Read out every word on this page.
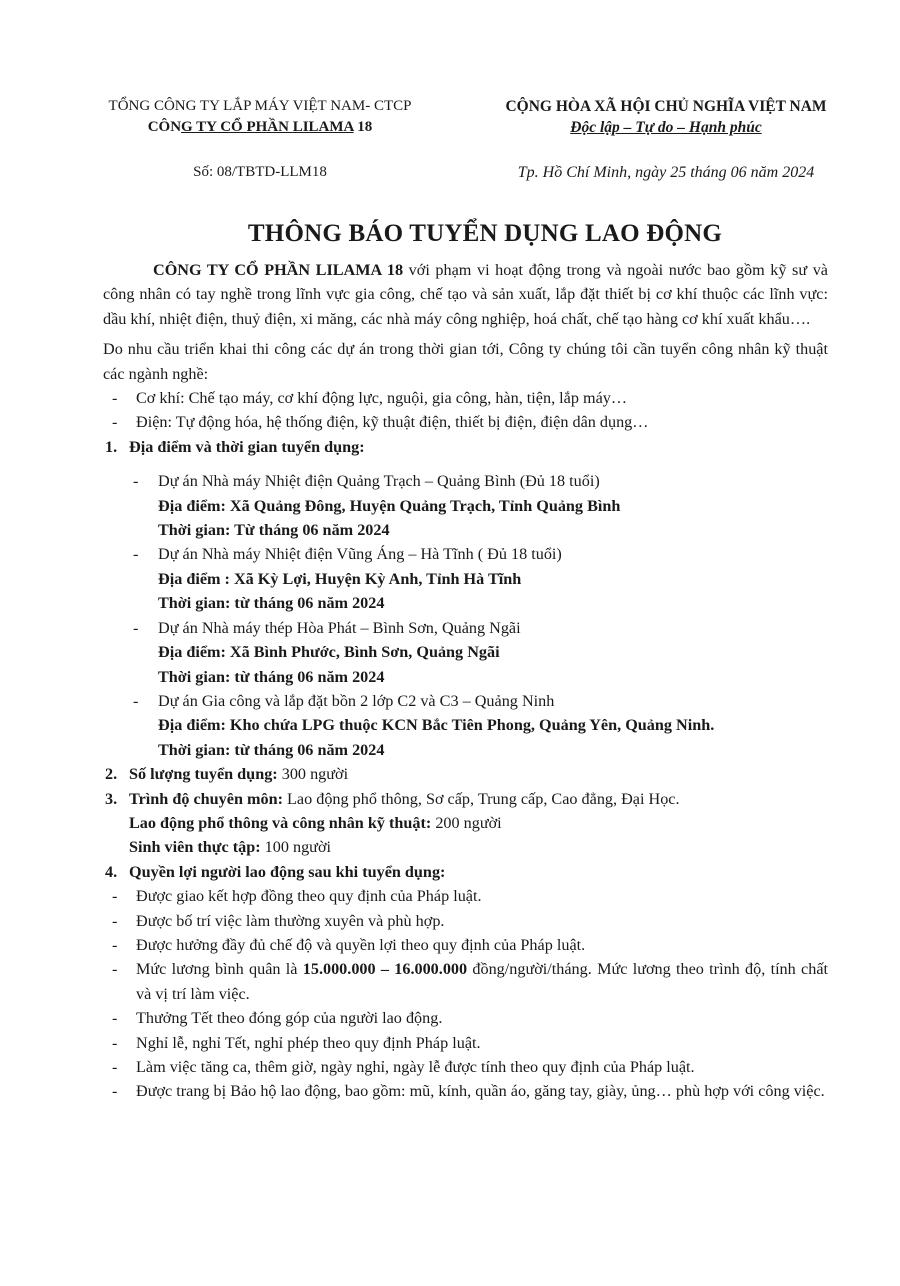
TỔNG CÔNG TY LẮP MÁY VIỆT NAM- CTCP
CÔNG TY CỔ PHẦN LILAMA 18
CỘNG HÒA XÃ HỘI CHỦ NGHĨA VIỆT NAM
Độc lập – Tự do – Hạnh phúc
Số: 08/TBTD-LLM18	Tp. Hồ Chí Minh, ngày 25 tháng 06 năm 2024
THÔNG BÁO TUYỂN DỤNG LAO ĐỘNG

CÔNG TY CỔ PHẦN LILAMA 18 với phạm vi hoạt động trong và ngoài nước bao gồm kỹ sư và công nhân có tay nghề trong lĩnh vực gia công, chế tạo và sản xuất, lắp đặt thiết bị cơ khí thuộc các lĩnh vực: dầu khí, nhiệt điện, thuỷ điện, xi măng, các nhà máy công nghiệp, hoá chất, chế tạo hàng cơ khí xuất khẩu….

Do nhu cầu triển khai thi công các dự án trong thời gian tới, Công ty chúng tôi cần tuyển công nhân kỹ thuật các ngành nghề:

- Cơ khí: Chế tạo máy, cơ khí động lực, nguội, gia công, hàn, tiện, lắp máy…
- Điện: Tự động hóa, hệ thống điện, kỹ thuật điện, thiết bị điện, điện dân dụng…

1. Địa điểm và thời gian tuyển dụng:

- Dự án Nhà máy Nhiệt điện Quảng Trạch – Quảng Bình (Đủ 18 tuổi)
Địa điểm: Xã Quảng Đông, Huyện Quảng Trạch, Tỉnh Quảng Bình
Thời gian: Từ tháng 06 năm 2024
- Dự án Nhà máy Nhiệt điện Vũng Áng – Hà Tĩnh ( Đủ 18 tuổi)
Địa điểm : Xã Kỳ Lợi, Huyện Kỳ Anh, Tỉnh Hà Tĩnh
Thời gian: từ tháng 06 năm 2024
- Dự án Nhà máy thép Hòa Phát – Bình Sơn, Quảng Ngãi
Địa điểm: Xã Bình Phước, Bình Sơn, Quảng Ngãi
Thời gian: từ tháng 06 năm 2024
- Dự án Gia công và lắp đặt bồn 2 lớp C2 và C3 – Quảng Ninh
Địa điểm: Kho chứa LPG thuộc KCN Bắc Tiên Phong, Quảng Yên, Quảng Ninh.
Thời gian: từ tháng 06 năm 2024

2. Số lượng tuyển dụng: 300 người

3. Trình độ chuyên môn: Lao động phổ thông, Sơ cấp, Trung cấp, Cao đẳng, Đại Học.

Lao động phổ thông và công nhân kỹ thuật: 200 người

Sinh viên thực tập: 100 người

4. Quyền lợi người lao động sau khi tuyển dụng:

- Được giao kết hợp đồng theo quy định của Pháp luật.
- Được bố trí việc làm thường xuyên và phù hợp.
- Được hưởng đầy đủ chế độ và quyền lợi theo quy định của Pháp luật.
- Mức lương bình quân là 15.000.000 – 16.000.000 đồng/người/tháng. Mức lương theo trình độ, tính chất và vị trí làm việc.
- Thưởng Tết theo đóng góp của người lao động.
- Nghỉ lễ, nghỉ Tết, nghỉ phép theo quy định Pháp luật.
- Làm việc tăng ca, thêm giờ, ngày nghỉ, ngày lễ được tính theo quy định của Pháp luật.
- Được trang bị Bảo hộ lao động, bao gồm: mũ, kính, quần áo, găng tay, giày, ủng… phù hợp với công việc.
